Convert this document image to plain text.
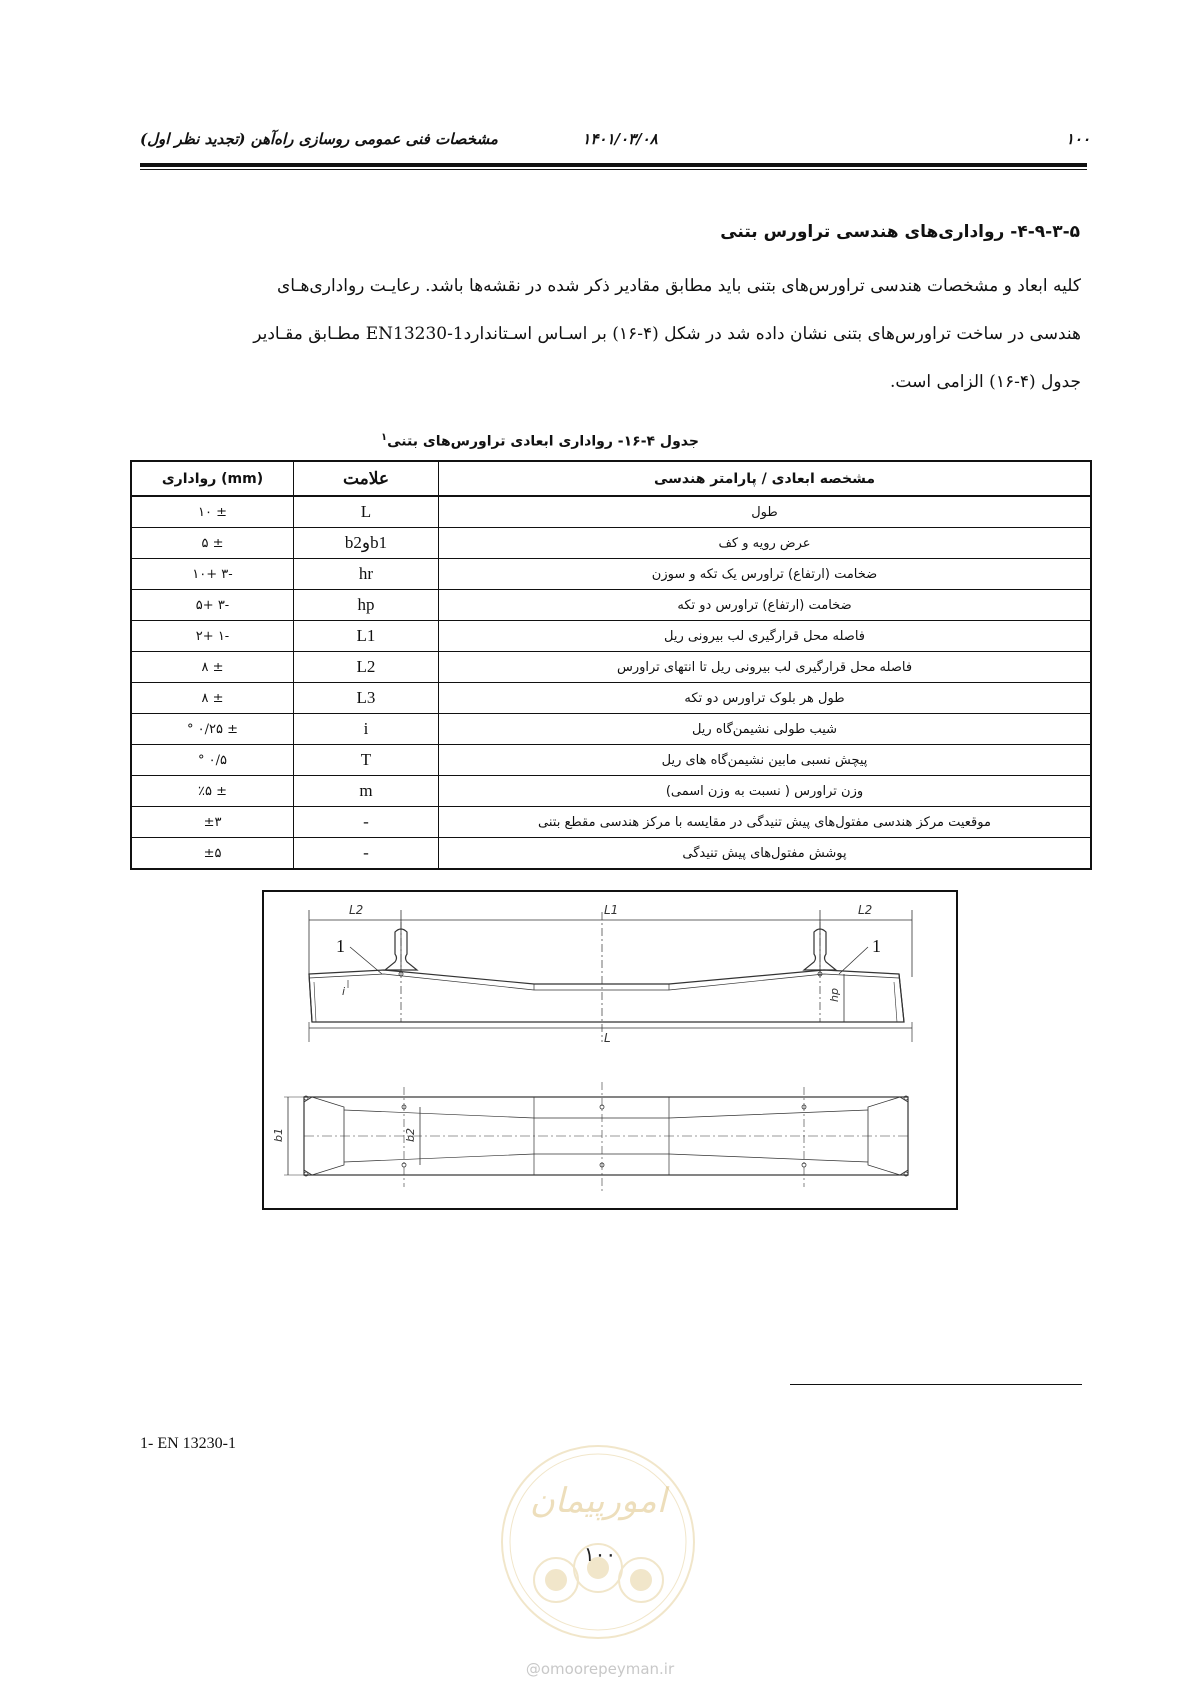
مشخصات فنی عمومی روسازی راه‌آهن (تجدید نظر اول)	۱۴۰۱/۰۳/۰۸	۱۰۰
۴-۹-۳-۵- رواداری‌های هندسی تراورس بتنی
کلیه ابعاد و مشخصات هندسی تراورس‌های بتنی باید مطابق مقادیر ذکر شده در نقشه‌ها باشد. رعایـت رواداری‌هـای
هندسی در ساخت تراورس‌های بتنی نشان داده شد در شکل (۴-۱۶) بر اسـاس اسـتانداردEN13230-1 مطـابق مقـادیر
جدول (۴-۱۶) الزامی است.
جدول ۴-۱۶- رواداری ابعادی تراورس‌های بتنی$^۱$
رواداری (mm)	علامت	مشخصه ابعادی / پارامتر هندسی
± ۱۰	L	طول
± ۵	b2وb1	عرض رویه و کف
-۳ +۱۰	hr	ضخامت (ارتفاع) تراورس یک تکه و سوزن
-۳ +۵	hp	ضخامت (ارتفاع) تراورس دو تکه
-۱ +۲	L1	فاصله محل قرارگیری لب بیرونی ریل
± ۸	L2	فاصله محل قرارگیری لب بیرونی ریل تا انتهای تراورس
± ۸	L3	طول هر بلوک تراورس دو تکه
± ۰/۲۵ °	i	شیب طولی نشیمن‌گاه ریل
۰/۵ °	T	پیچش نسبی مابین نشیمن‌گاه های ریل
± ٪۵	m	وزن تراورس ( نسبت به وزن اسمی)
±۳	-	موقعیت مرکز هندسی مفتول‌های پیش تنیدگی در مقایسه با مرکز هندسی مقطع بتنی
±۵	-	پوشش مفتول‌های پیش تنیدگی
L2	L1	L2
1	1
i	hp
L
b1	b2
1- EN 13230-1
امورپیمان
۱۰۰
@omoorepeyman.ir
